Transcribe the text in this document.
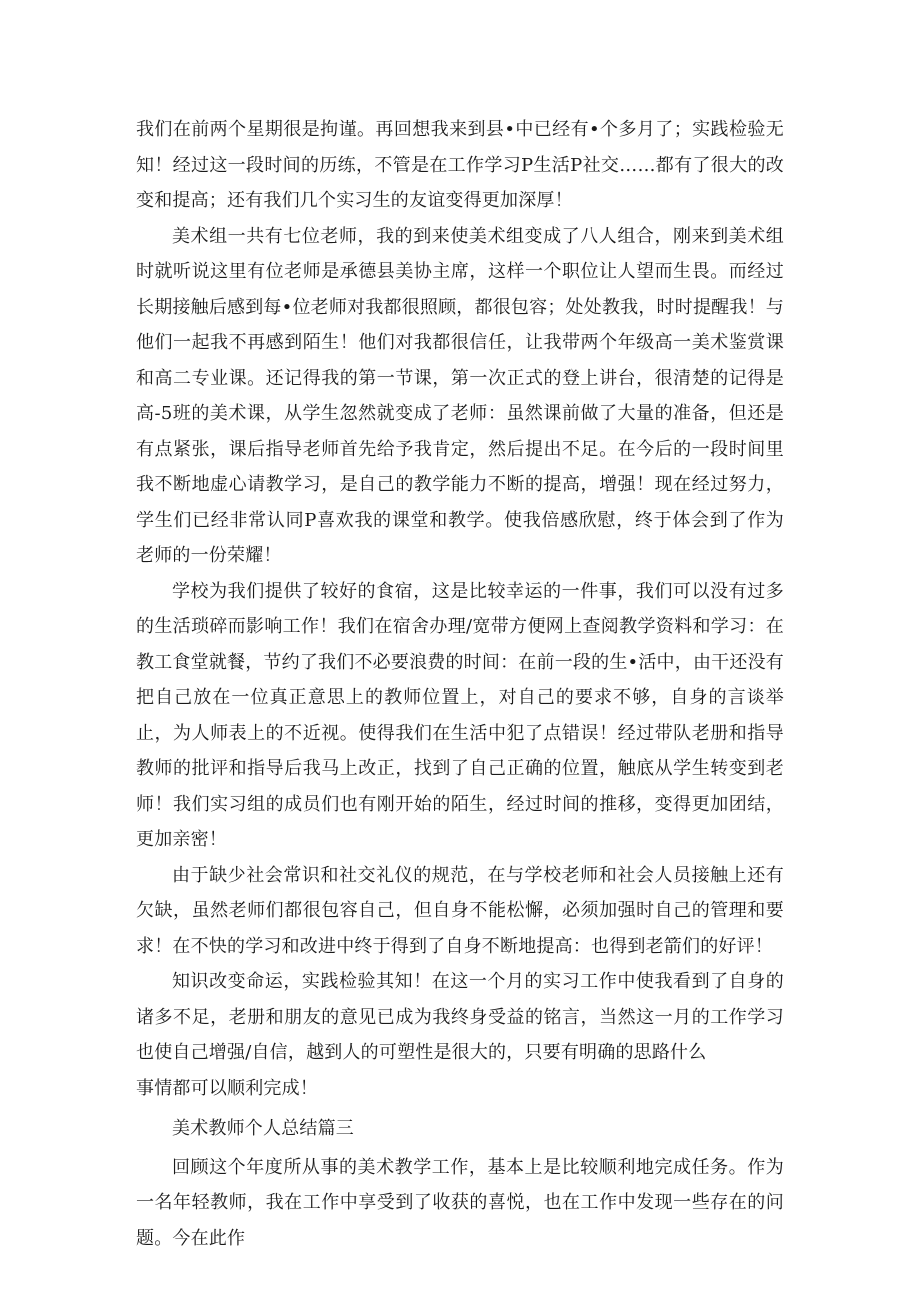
我们在前两个星期很是拘谨。再回想我来到县•中已经有•个多月了；实践检验无知！经过这一段时间的历练，不管是在工作学习P生活P社交……都有了很大的改变和提高；还有我们几个实习生的友谊变得更加深厚！

美术组一共有七位老师，我的到来使美术组变成了八人组合，刚来到美术组时就听说这里有位老师是承德县美协主席，这样一个职位让人望而生畏。而经过长期接触后感到每•位老师对我都很照顾，都很包容；处处教我，时时提醒我！与他们一起我不再感到陌生！他们对我都很信任，让我带两个年级高一美术鉴赏课和高二专业课。还记得我的第一节课，第一次正式的登上讲台，很清楚的记得是高-5班的美术课，从学生忽然就变成了老师：虽然课前做了大量的准备，但还是有点紧张，课后指导老师首先给予我肯定，然后提出不足。在今后的一段时间里我不断地虚心请教学习，是自己的教学能力不断的提高，增强！现在经过努力，学生们已经非常认同P喜欢我的课堂和教学。使我倍感欣慰，终于体会到了作为老师的一份荣耀！

学校为我们提供了较好的食宿，这是比较幸运的一件事，我们可以没有过多的生活琐碎而影响工作！我们在宿舍办理/宽带方便网上查阅教学资料和学习：在教工食堂就餐，节约了我们不必要浪费的时间：在前一段的生•活中，由干还没有把自己放在一位真正意思上的教师位置上，对自己的要求不够，自身的言谈举止，为人师表上的不近视。使得我们在生活中犯了点错误！经过带队老册和指导教师的批评和指导后我马上改正，找到了自己正确的位置，触底从学生转变到老师！我们实习组的成员们也有刚开始的陌生，经过时间的推移，变得更加团结，更加亲密！

由于缺少社会常识和社交礼仪的规范，在与学校老师和社会人员接触上还有欠缺，虽然老师们都很包容自己，但自身不能松懈，必须加强时自己的管理和要求！在不快的学习和改进中终于得到了自身不断地提高：也得到老箭们的好评！

知识改变命运，实践检验其知！在这一个月的实习工作中使我看到了自身的诸多不足，老册和朋友的意见已成为我终身受益的铭言，当然这一月的工作学习也使自己增强/自信，越到人的可塑性是很大的，只要有明确的思路什么

事情都可以顺利完成！

美术教师个人总结篇三

回顾这个年度所从事的美术教学工作，基本上是比较顺利地完成任务。作为一名年轻教师，我在工作中享受到了收获的喜悦，也在工作中发现一些存在的问题。今在此作
